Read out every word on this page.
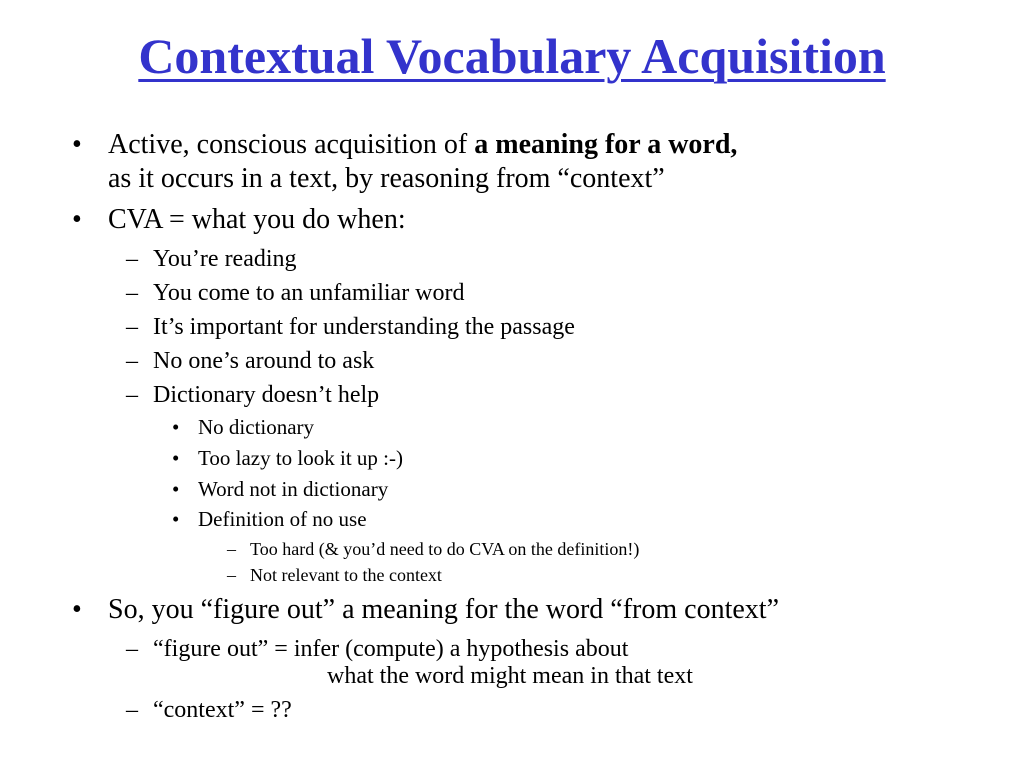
Contextual Vocabulary Acquisition
• Active, conscious acquisition of a meaning for a word,
as it occurs in a text, by reasoning from “context”
• CVA = what you do when:
– You’re reading
– You come to an unfamiliar word
– It’s important for understanding the passage
– No one’s around to ask
– Dictionary doesn’t help
• No dictionary
• Too lazy to look it up :-)
• Word not in dictionary
• Definition of no use
– Too hard (& you’d need to do CVA on the definition!)
– Not relevant to the context
• So, you “figure out” a meaning for the word “from context”
– “figure out” = infer (compute) a hypothesis about
what the word might mean in that text
– “context” = ??
